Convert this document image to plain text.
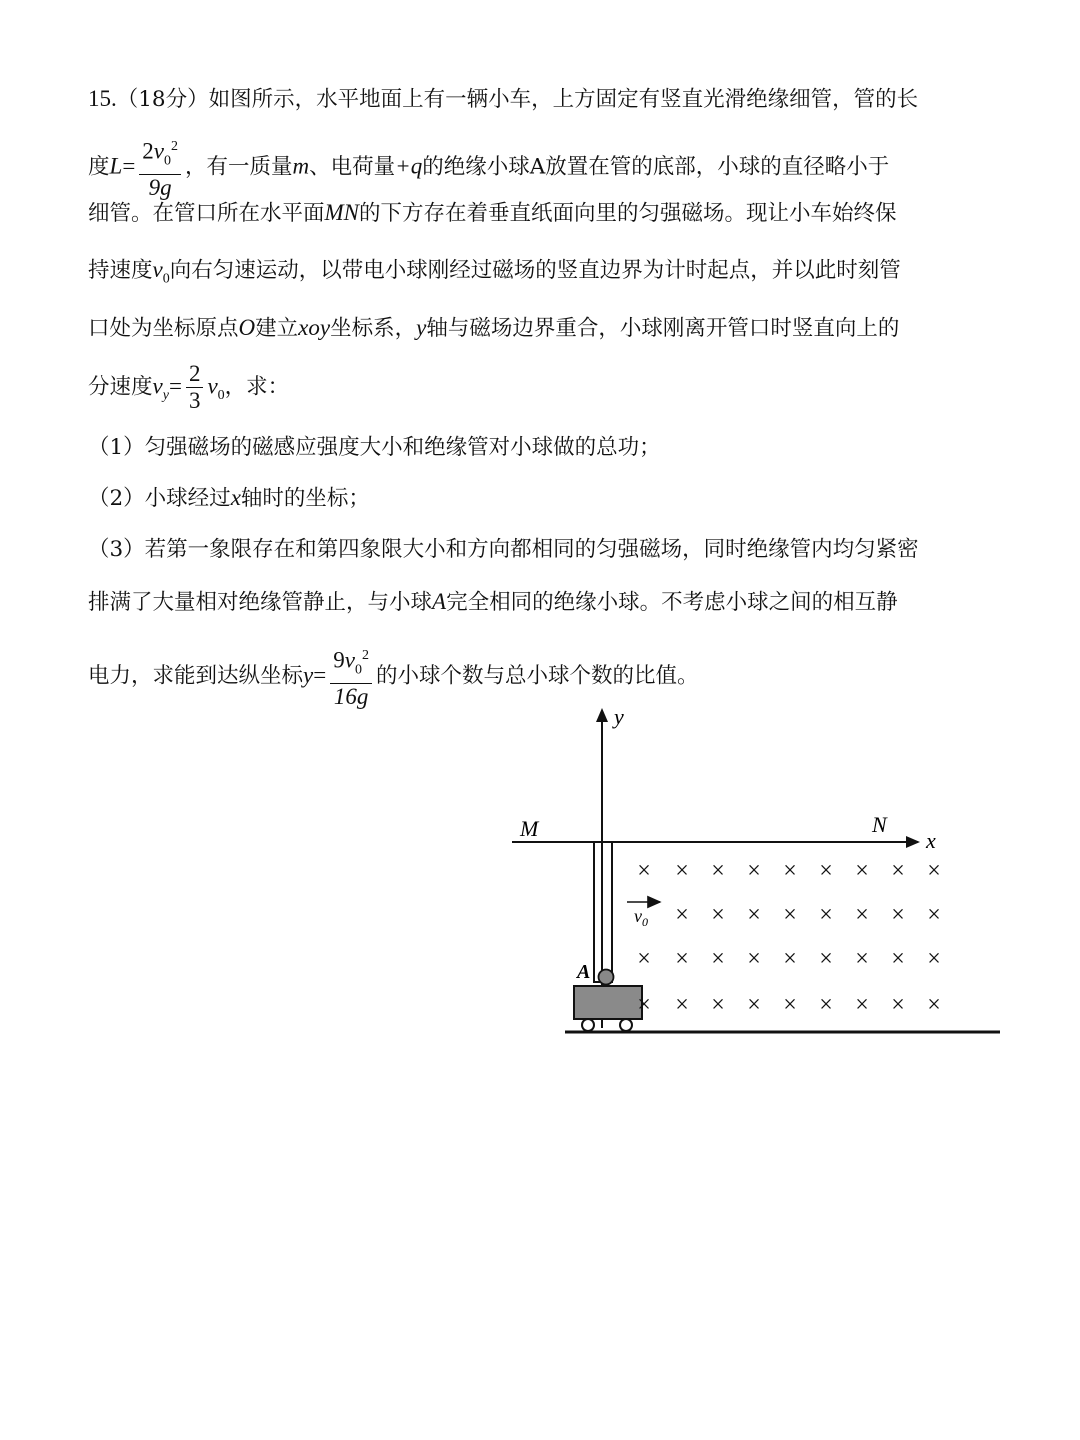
15.（18分）如图所示，水平地面上有一辆小车，上方固定有竖直光滑绝缘细管，管的长
度$L= \frac{2v_0^2}{9g}$ ，有一质量m、电荷量+q的绝缘小球A放置在管的底部，小球的直径略小于
细管。在管口所在水平面MN的下方存在着垂直纸面向里的匀强磁场。现让小车始终保
持速度$v_0$向右匀速运动，以带电小球刚经过磁场的竖直边界为计时起点，并以此时刻管
口处为坐标原点O建立xoy坐标系，y轴与磁场边界重合，小球刚离开管口时竖直向上的
分速度$v_y= \frac{2}{3} v_0$，求：
（1）匀强磁场的磁感应强度大小和绝缘管对小球做的总功；
（2）小球经过x轴时的坐标；
（3）若第一象限存在和第四象限大小和方向都相同的匀强磁场，同时绝缘管内均匀紧密
排满了大量相对绝缘管静止，与小球A完全相同的绝缘小球。不考虑小球之间的相互静
电力，求能到达纵坐标$y= \frac{9v_0^2}{16g}$ 的小球个数与总小球个数的比值。
y
x
M	N
A
$v_0$
× × × × × × × × ×
× × × × × × × ×
× × × × × × × × ×
× × × × × × × × ×
